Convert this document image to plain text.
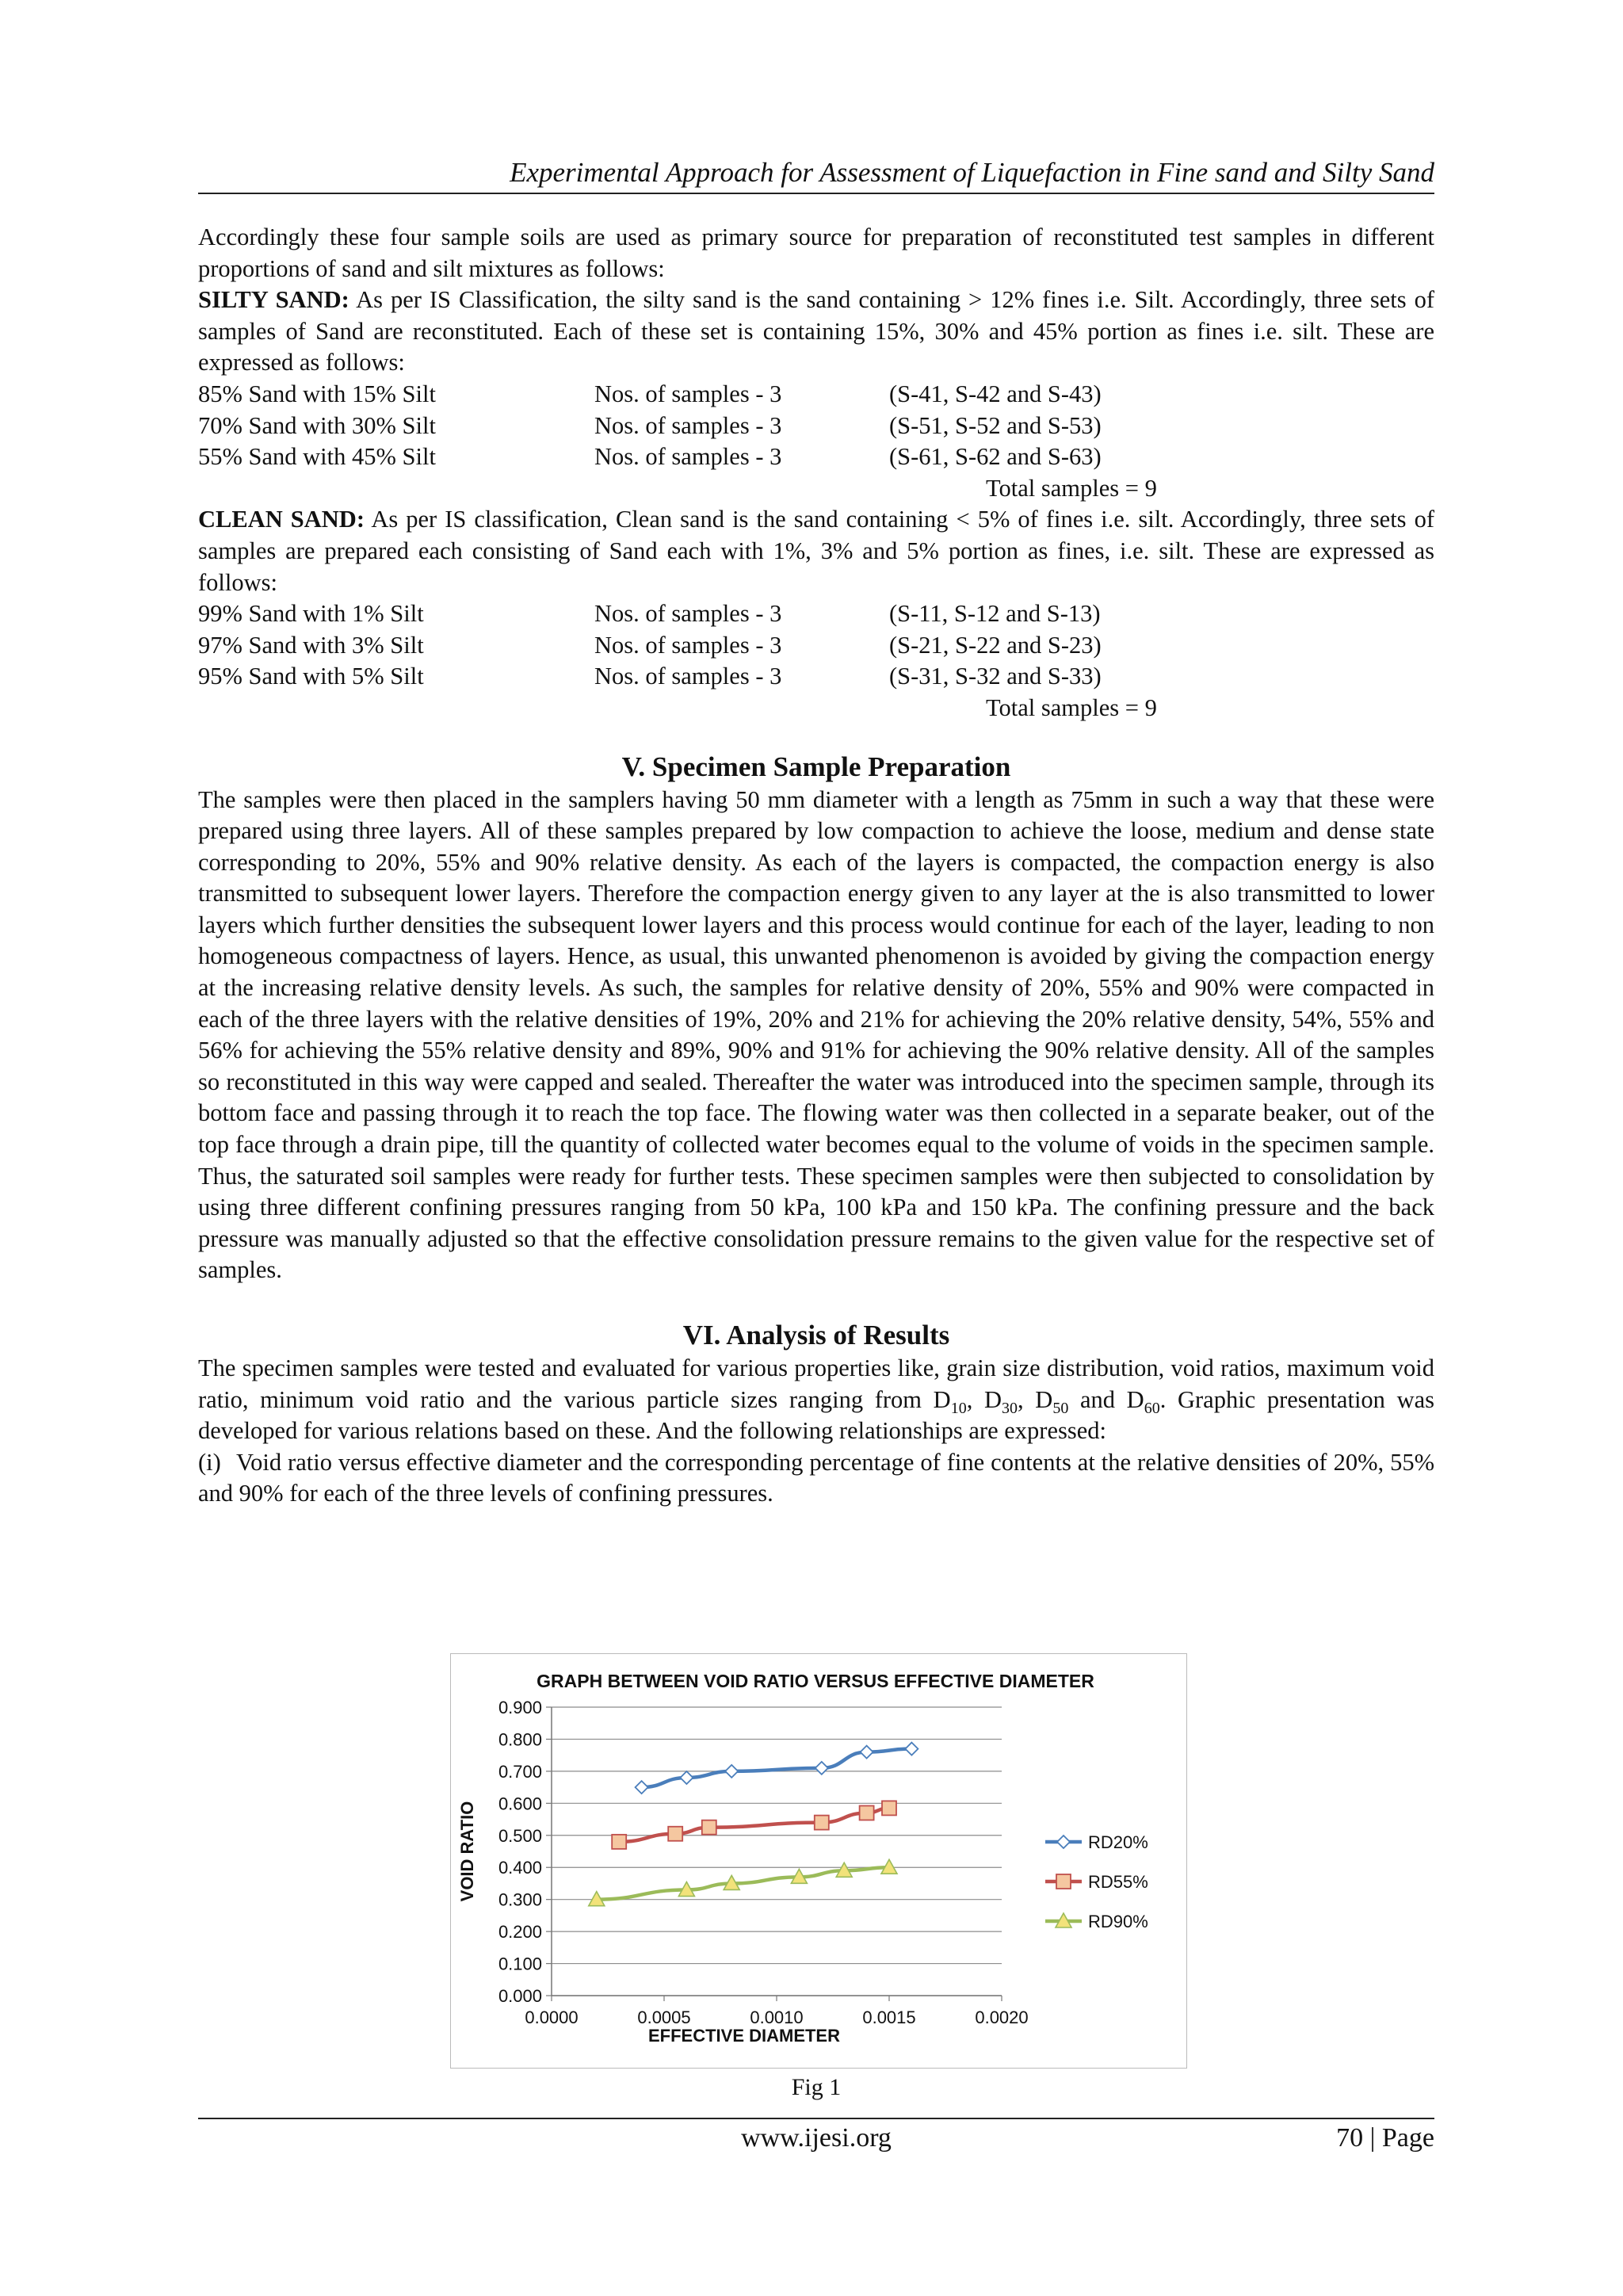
Experimental Approach for Assessment of Liquefaction in Fine sand and Silty Sand

Accordingly these four sample soils are used as primary source for preparation of reconstituted test samples in different proportions of sand and silt mixtures as follows:

SILTY SAND: As per IS Classification, the silty sand is the sand containing > 12% fines i.e. Silt. Accordingly, three sets of samples of Sand are reconstituted. Each of these set is containing 15%, 30% and 45% portion as fines i.e. silt. These are expressed as follows:

85% Sand with 15% Silt	Nos. of samples - 3	(S-41, S-42 and S-43)
70% Sand with 30% Silt	Nos. of samples - 3	(S-51, S-52 and S-53)
55% Sand with 45% Silt	Nos. of samples - 3	(S-61, S-62 and S-63)
Total samples = 9

CLEAN SAND: As per IS classification, Clean sand is the sand containing < 5% of fines i.e. silt. Accordingly, three sets of samples are prepared each consisting of Sand each with 1%, 3% and 5% portion as fines, i.e. silt. These are expressed as follows:

99% Sand with 1% Silt	Nos. of samples - 3	(S-11, S-12 and S-13)
97% Sand with 3% Silt	Nos. of samples - 3	(S-21, S-22 and S-23)
95% Sand with 5% Silt	Nos. of samples - 3	(S-31, S-32 and S-33)
Total samples = 9
V. Specimen Sample Preparation

The samples were then placed in the samplers having 50 mm diameter with a length as 75mm in such a way that these were prepared using three layers. All of these samples prepared by low compaction to achieve the loose, medium and dense state corresponding to 20%, 55% and 90% relative density. As each of the layers is compacted, the compaction energy is also transmitted to subsequent lower layers. Therefore the compaction energy given to any layer at the is also transmitted to lower layers which further densities the subsequent lower layers and this process would continue for each of the layer, leading to non homogeneous compactness of layers. Hence, as usual, this unwanted phenomenon is avoided by giving the compaction energy at the increasing relative density levels. As such, the samples for relative density of 20%, 55% and 90% were compacted in each of the three layers with the relative densities of 19%, 20% and 21% for achieving the 20% relative density, 54%, 55% and 56% for achieving the 55% relative density and 89%, 90% and 91% for achieving the 90% relative density. All of the samples so reconstituted in this way were capped and sealed. Thereafter the water was introduced into the specimen sample, through its bottom face and passing through it to reach the top face. The flowing water was then collected in a separate beaker, out of the top face through a drain pipe, till the quantity of collected water becomes equal to the volume of voids in the specimen sample. Thus, the saturated soil samples were ready for further tests. These specimen samples were then subjected to consolidation by using three different confining pressures ranging from 50 kPa, 100 kPa and 150 kPa. The confining pressure and the back pressure was manually adjusted so that the effective consolidation pressure remains to the given value for the respective set of samples.

VI. Analysis of Results

The specimen samples were tested and evaluated for various properties like, grain size distribution, void ratios, maximum void ratio, minimum void ratio and the various particle sizes ranging from $D_{10}$, $D_{30}$, $D_{50}$ and $D_{60}$. Graphic presentation was developed for various relations based on these. And the following relationships are expressed:

(i) Void ratio versus effective diameter and the corresponding percentage of fine contents at the relative densities of 20%, 55% and 90% for each of the three levels of confining pressures.

GRAPH BETWEEN VOID RATIO VERSUS EFFECTIVE DIAMETER
0.000
0.100
0.200
0.300
0.400
0.500
0.600
0.700
0.800
0.900
0.0000	0.0005	0.0010	0.0015	0.0020
EFFECTIVE DIAMETER
VOID RATIO	RD20%
RD55%
RD90%
Fig 1
www.ijesi.org	70 | Page
